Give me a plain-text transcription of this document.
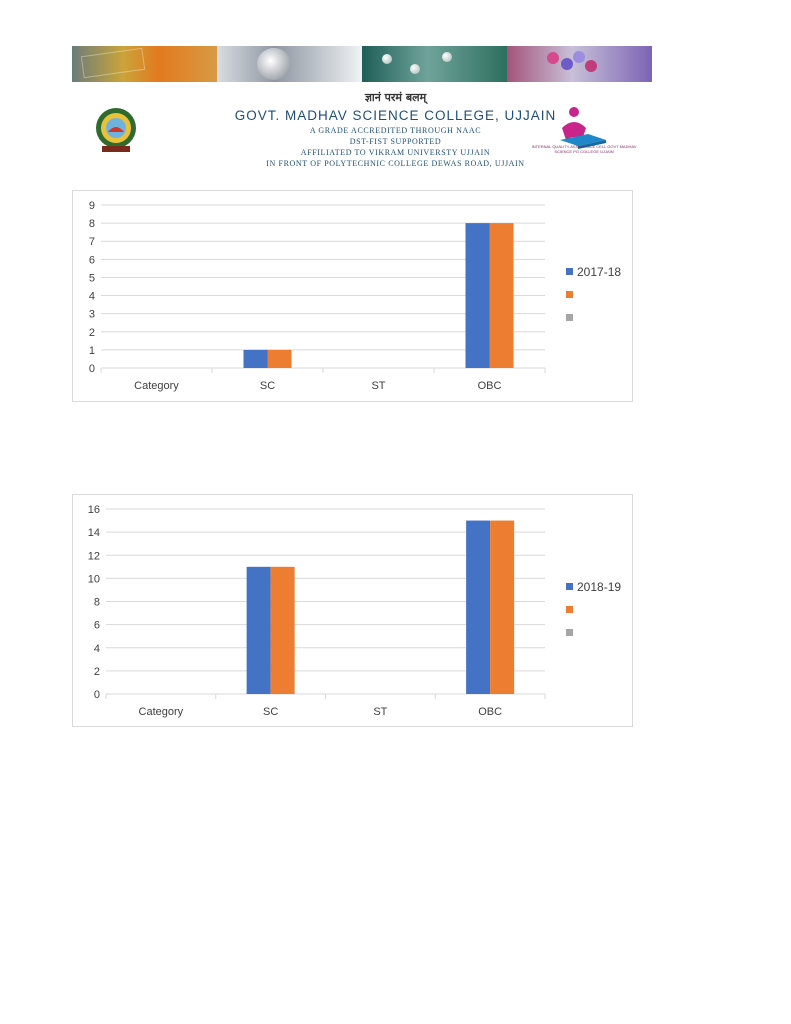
ज्ञानं परमं बलम्
GOVT. MADHAV SCIENCE COLLEGE, UJJAIN
A GRADE ACCREDITED THROUGH NAAC
DST-FIST SUPPORTED
AFFILIATED TO VIKRAM UNIVERSTY UJJAIN
IN FRONT OF POLYTECHNIC COLLEGE DEWAS ROAD, UJJAIN
INTERNAL QUALITY ASSURANCE CELL GOVT MADHAV SCIENCE PG COLLEGE UJJAIN
0
1
2
3
4
5
6
7
8
9
Category	SC	ST	OBC
2017-18
0
2
4
6
8
10
12
14
16
Category	SC	ST	OBC
2018-19
